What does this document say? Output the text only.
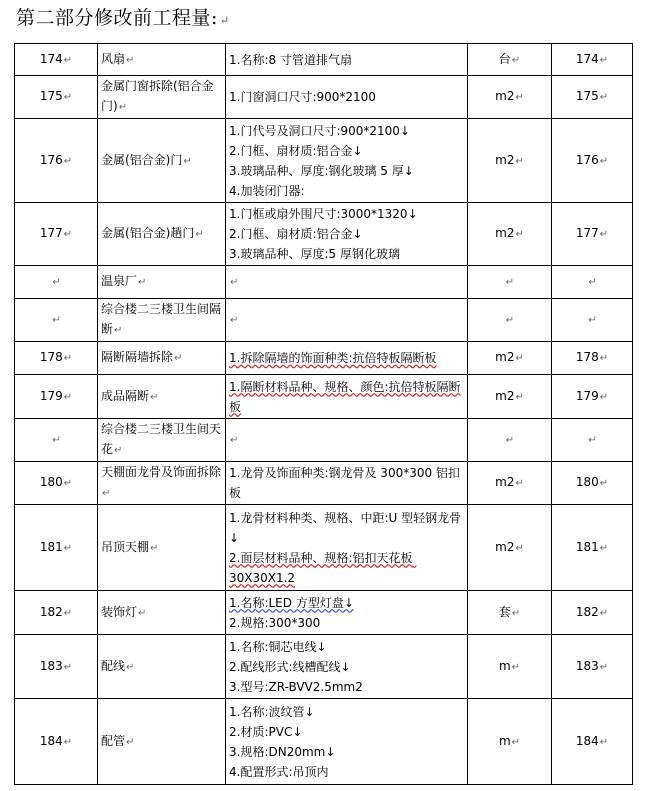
第二部分修改前工程量: ↵
174↵	风扇↵	1.名称:8 寸管道排气扇	台↵	174↵
175↵	金属门窗拆除(铝合金门)↵	1.门窗洞口尺寸:900*2100	m2↵	175↵
176↵	金属(铝合金)门↵	1.门代号及洞口尺寸:900*2100↓
2.门框、扇材质:铝合金↓
3.玻璃品种、厚度:钢化玻璃 5 厚↓
4.加装闭门器:	m2↵	176↵
177↵	金属(铝合金)趟门↵	1.门框或扇外围尺寸:3000*1320↓
2.门框、扇材质:铝合金↓
3.玻璃品种、厚度:5 厚钢化玻璃	m2↵	177↵
↵	温泉厂↵	↵	↵	↵
↵	综合楼二三楼卫生间隔断↵	↵	↵	↵
178↵	隔断隔墙拆除↵	1.拆除隔墙的饰面种类:抗倍特板隔断板	m2↵	178↵
179↵	成品隔断↵	1.隔断材料品种、规格、颜色:抗倍特板隔断板	m2↵	179↵
↵	综合楼二三楼卫生间天花↵	↵	↵	↵
180↵	天棚面龙骨及饰面拆除↵	1.龙骨及饰面种类:钢龙骨及 300*300 铝扣板	m2↵	180↵
181↵	吊顶天棚↵	1.龙骨材料种类、规格、中距:U 型轻钢龙骨↓
2.面层材料品种、规格:铝扣天花板 30X30X1.2	m2↵	181↵
182↵	装饰灯↵	1.名称:LED 方型灯盘↓
2.规格:300*300	套↵	182↵
183↵	配线↵	1.名称:铜芯电线↓
2.配线形式:线槽配线↓
3.型号:ZR-BVV2.5mm2	m↵	183↵
184↵	配管↵	1.名称:波纹管↓
2.材质:PVC↓
3.规格:DN20mm↓
4.配置形式:吊顶内	m↵	184↵
